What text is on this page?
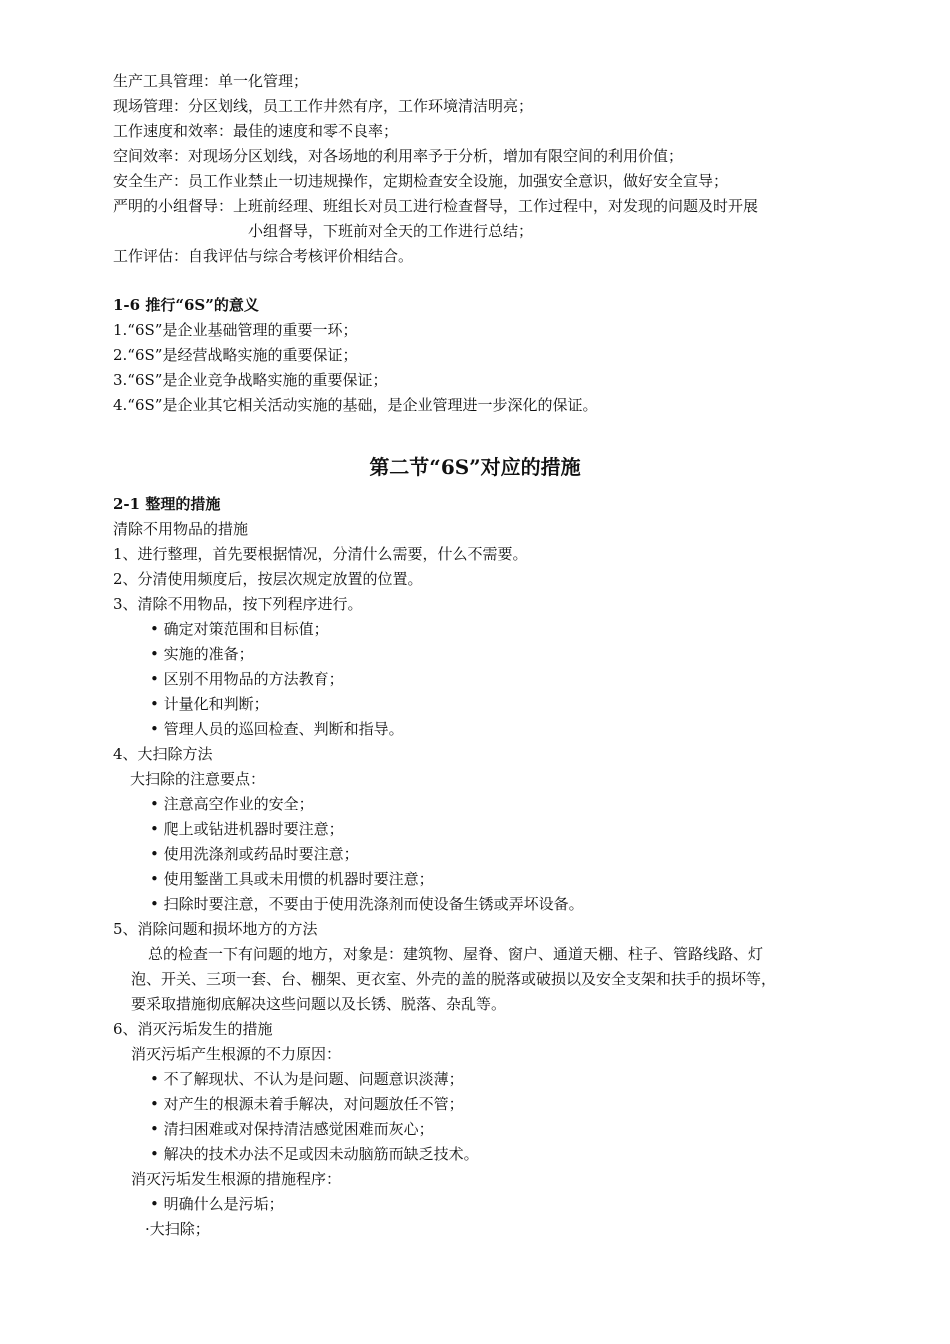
生产工具管理：单一化管理；
现场管理：分区划线，员工工作井然有序，工作环境清洁明亮；
工作速度和效率：最佳的速度和零不良率；
空间效率：对现场分区划线，对各场地的利用率予于分析，增加有限空间的利用价值；
安全生产：员工作业禁止一切违规操作，定期检查安全设施，加强安全意识，做好安全宣导；
严明的小组督导：上班前经理、班组长对员工进行检查督导，工作过程中，对发现的问题及时开展
小组督导，下班前对全天的工作进行总结；
工作评估：自我评估与综合考核评价相结合。
1-6 推行“6S”的意义
1.“6S”是企业基础管理的重要一环；
2.“6S”是经营战略实施的重要保证；
3.“6S”是企业竞争战略实施的重要保证；
4.“6S”是企业其它相关活动实施的基础，是企业管理进一步深化的保证。
第二节“6S”对应的措施
2-1 整理的措施
清除不用物品的措施
1、进行整理，首先要根据情况，分清什么需要，什么不需要。
2、分清使用频度后，按层次规定放置的位置。
3、清除不用物品，按下列程序进行。
• 确定对策范围和目标值；
• 实施的准备；
• 区别不用物品的方法教育；
• 计量化和判断；
• 管理人员的巡回检查、判断和指导。
4、大扫除方法
大扫除的注意要点：
• 注意高空作业的安全；
• 爬上或钻进机器时要注意；
• 使用洗涤剂或药品时要注意；
• 使用錾凿工具或未用惯的机器时要注意；
• 扫除时要注意，不要由于使用洗涤剂而使设备生锈或弄坏设备。
5、消除问题和损坏地方的方法
总的检查一下有问题的地方，对象是：建筑物、屋脊、窗户、通道天棚、柱子、管路线路、灯
泡、开关、三项一套、台、棚架、更衣室、外壳的盖的脱落或破损以及安全支架和扶手的损坏等，
要采取措施彻底解决这些问题以及长锈、脱落、杂乱等。
6、消灭污垢发生的措施
消灭污垢产生根源的不力原因：
• 不了解现状、不认为是问题、问题意识淡薄；
• 对产生的根源未着手解决，对问题放任不管；
• 清扫困难或对保持清洁感觉困难而灰心；
• 解决的技术办法不足或因未动脑筋而缺乏技术。
消灭污垢发生根源的措施程序：
• 明确什么是污垢；
·大扫除；
